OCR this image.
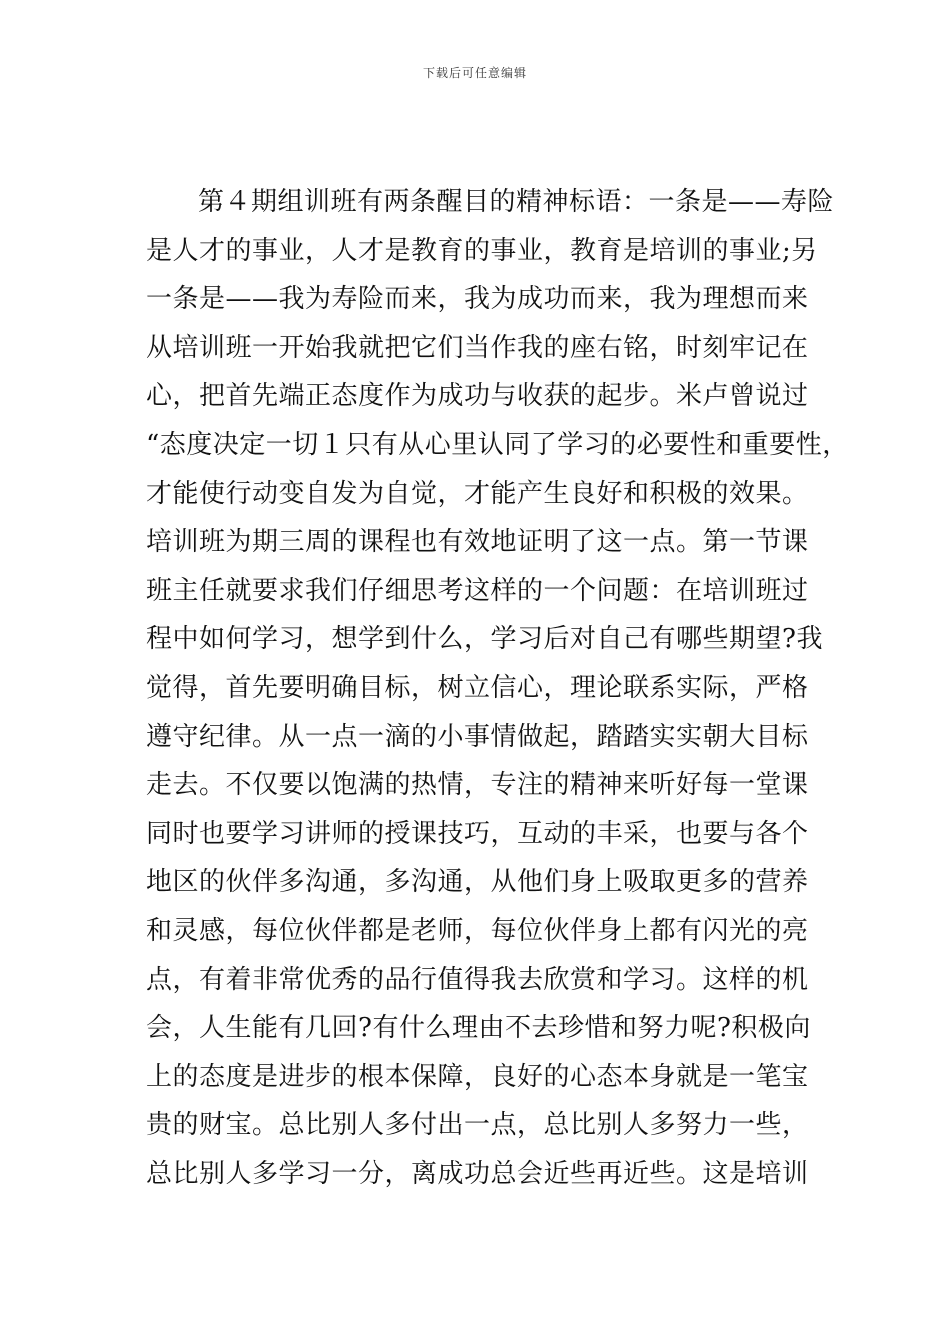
下载后可任意编辑
第４期组训班有两条醒目的精神标语：一条是——寿险
是人才的事业，人才是教育的事业，教育是培训的事业;另
一条是——我为寿险而来，我为成功而来，我为理想而来
从培训班一开始我就把它们当作我的座右铭，时刻牢记在
心，把首先端正态度作为成功与收获的起步。米卢曾说过
“态度决定一切１只有从心里认同了学习的必要性和重要性，
才能使行动变自发为自觉，才能产生良好和积极的效果。
培训班为期三周的课程也有效地证明了这一点。第一节课
班主任就要求我们仔细思考这样的一个问题：在培训班过
程中如何学习，想学到什么，学习后对自己有哪些期望?我
觉得，首先要明确目标，树立信心，理论联系实际，严格
遵守纪律。从一点一滴的小事情做起，踏踏实实朝大目标
走去。不仅要以饱满的热情，专注的精神来听好每一堂课
同时也要学习讲师的授课技巧，互动的丰采，也要与各个
地区的伙伴多沟通，多沟通，从他们身上吸取更多的营养
和灵感，每位伙伴都是老师，每位伙伴身上都有闪光的亮
点，有着非常优秀的品行值得我去欣赏和学习。这样的机
会，人生能有几回?有什么理由不去珍惜和努力呢?积极向
上的态度是进步的根本保障，良好的心态本身就是一笔宝
贵的财宝。总比别人多付出一点，总比别人多努力一些，
总比别人多学习一分，离成功总会近些再近些。这是培训
